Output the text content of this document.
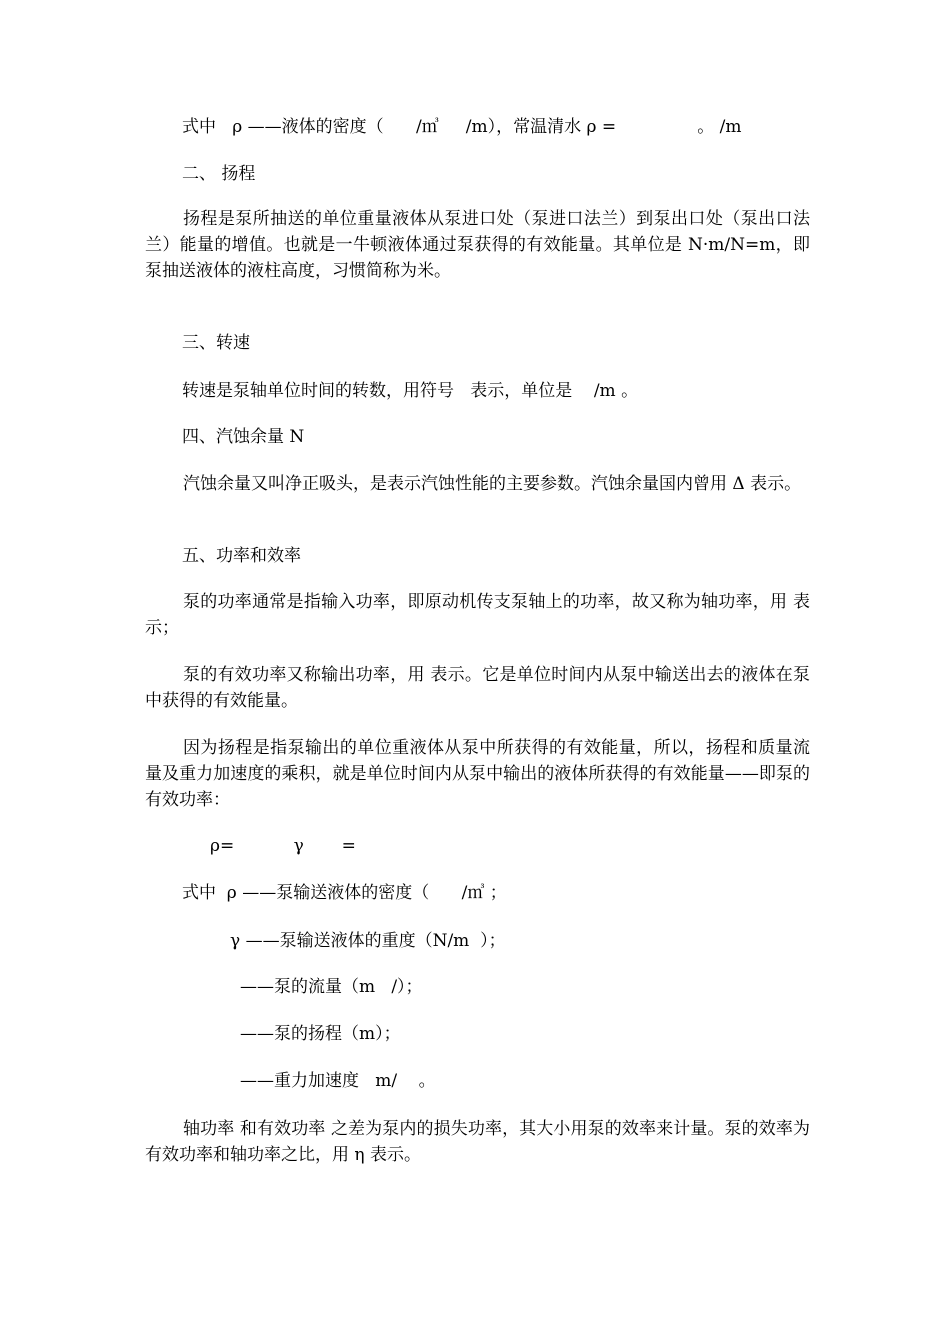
式中   ρ ——液体的密度（      /㎥     /m），常温清水 ρ =               。 /m
二、 扬程

扬程是泵所抽送的单位重量液体从泵进口处（泵进口法兰）到泵出口处（泵出口法兰）能量的增值。也就是一牛顿液体通过泵获得的有效能量。其单位是 N·m/N=m，即泵抽送液体的液柱高度，习惯简称为米。

三、转速
转速是泵轴单位时间的转数，用符号   表示，单位是    /m 。
四、汽蚀余量 N

汽蚀余量又叫净正吸头，是表示汽蚀性能的主要参数。汽蚀余量国内曾用 Δ 表示。

五、功率和效率

泵的功率通常是指输入功率，即原动机传支泵轴上的功率，故又称为轴功率，用 表示；

泵的有效功率又称输出功率，用 表示。它是单位时间内从泵中输送出去的液体在泵中获得的有效能量。

因为扬程是指泵输出的单位重液体从泵中所获得的有效能量，所以，扬程和质量流量及重力加速度的乘积，就是单位时间内从泵中输出的液体所获得的有效能量——即泵的有效功率：

ρ=           γ       =
式中  ρ ——泵输送液体的密度（      /㎥ ；
γ ——泵输送液体的重度（N/m  ）；
——泵的流量（m   /）；
——泵的扬程（m）；
——重力加速度   m/    。

轴功率 和有效功率 之差为泵内的损失功率，其大小用泵的效率来计量。泵的效率为有效功率和轴功率之比，用 η 表示。
